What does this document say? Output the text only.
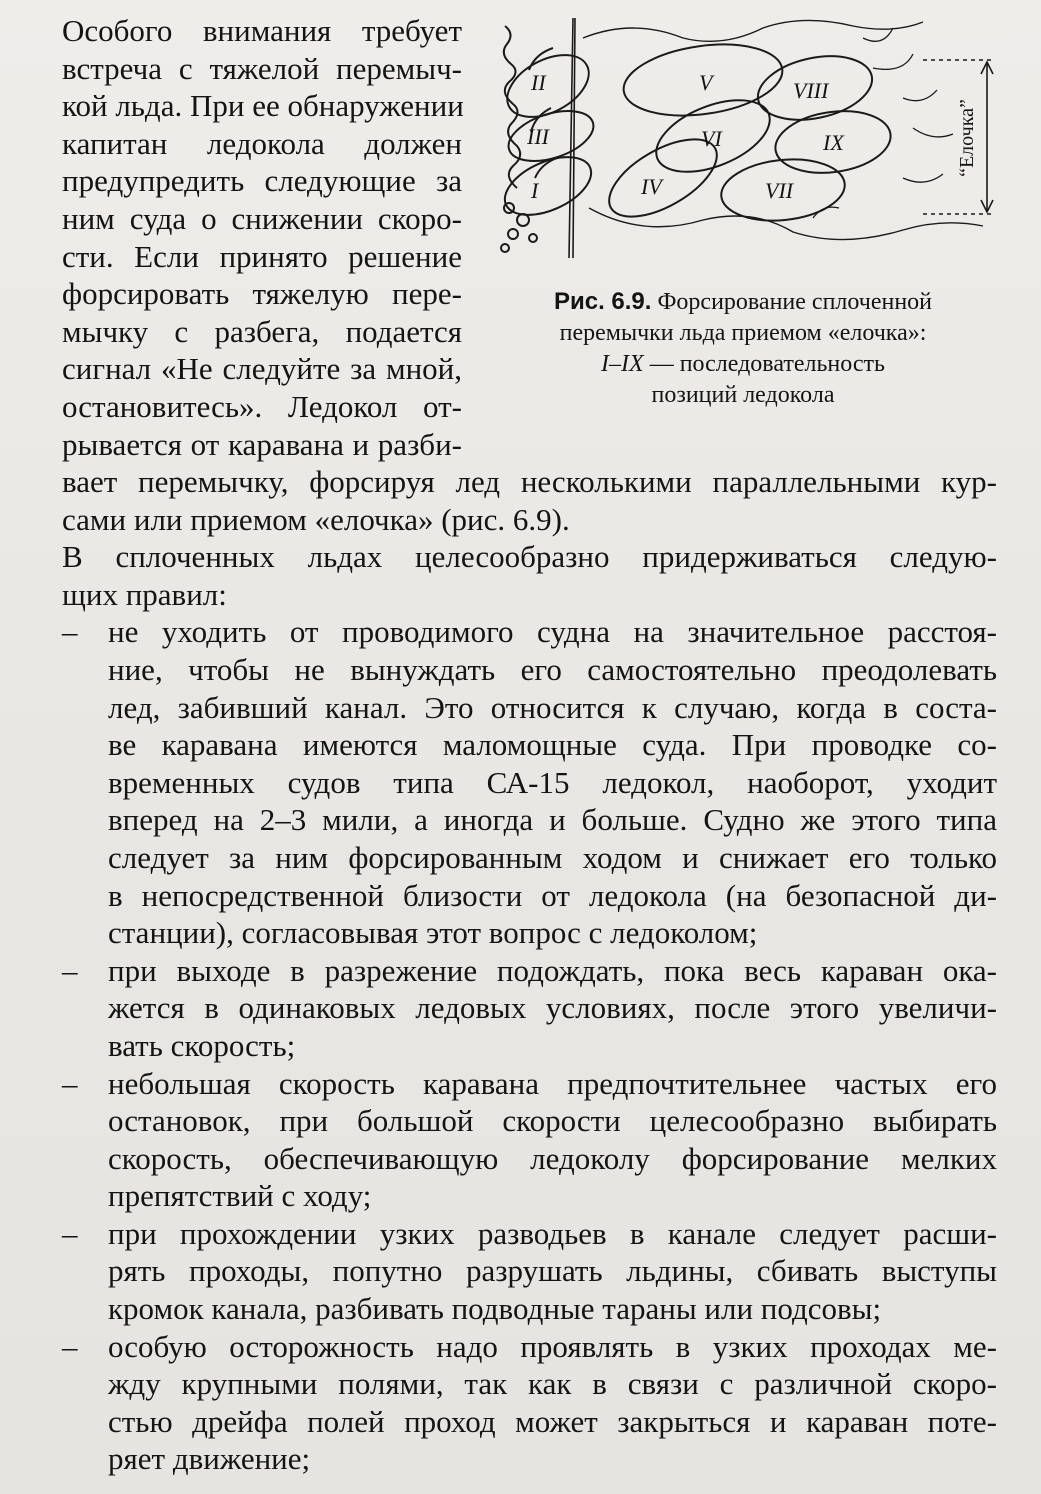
Особого внимания требует
встреча с тяжелой перемыч-
кой льда. При ее обнаружении
капитан ледокола должен
предупредить следующие за
ним суда о снижении скоро-
сти. Если принято решение
форсировать тяжелую пере-
мычку с разбега, подается
сигнал «Не следуйте за мной,
остановитесь». Ледокол от-
рывается от каравана и разби-
I
II
III
IV
V
VI
VII
VIII
IX	“Елочка”
Рис. 6.9. Форсирование сплоченной
перемычки льда приемом «елочка»:
I–IX — последовательность
позиций ледокола
вает перемычку, форсируя лед несколькими параллельными кур-
сами или приемом «елочка» (рис. 6.9).
В сплоченных льдах целесообразно придерживаться следую-
щих правил:
– не уходить от проводимого судна на значительное расстоя-
ние, чтобы не вынуждать его самостоятельно преодолевать
лед, забивший канал. Это относится к случаю, когда в соста-
ве каравана имеются маломощные суда. При проводке со-
временных судов типа СА-15 ледокол, наоборот, уходит
вперед на 2–3 мили, а иногда и больше. Судно же этого типа
следует за ним форсированным ходом и снижает его только
в непосредственной близости от ледокола (на безопасной ди-
станции), согласовывая этот вопрос с ледоколом;
– при выходе в разрежение подождать, пока весь караван ока-
жется в одинаковых ледовых условиях, после этого увеличи-
вать скорость;
– небольшая скорость каравана предпочтительнее частых его
остановок, при большой скорости целесообразно выбирать
скорость, обеспечивающую ледоколу форсирование мелких
препятствий с ходу;
– при прохождении узких разводьев в канале следует расши-
рять проходы, попутно разрушать льдины, сбивать выступы
кромок канала, разбивать подводные тараны или подсовы;
– особую осторожность надо проявлять в узких проходах ме-
жду крупными полями, так как в связи с различной скоро-
стью дрейфа полей проход может закрыться и караван поте-
ряет движение;
